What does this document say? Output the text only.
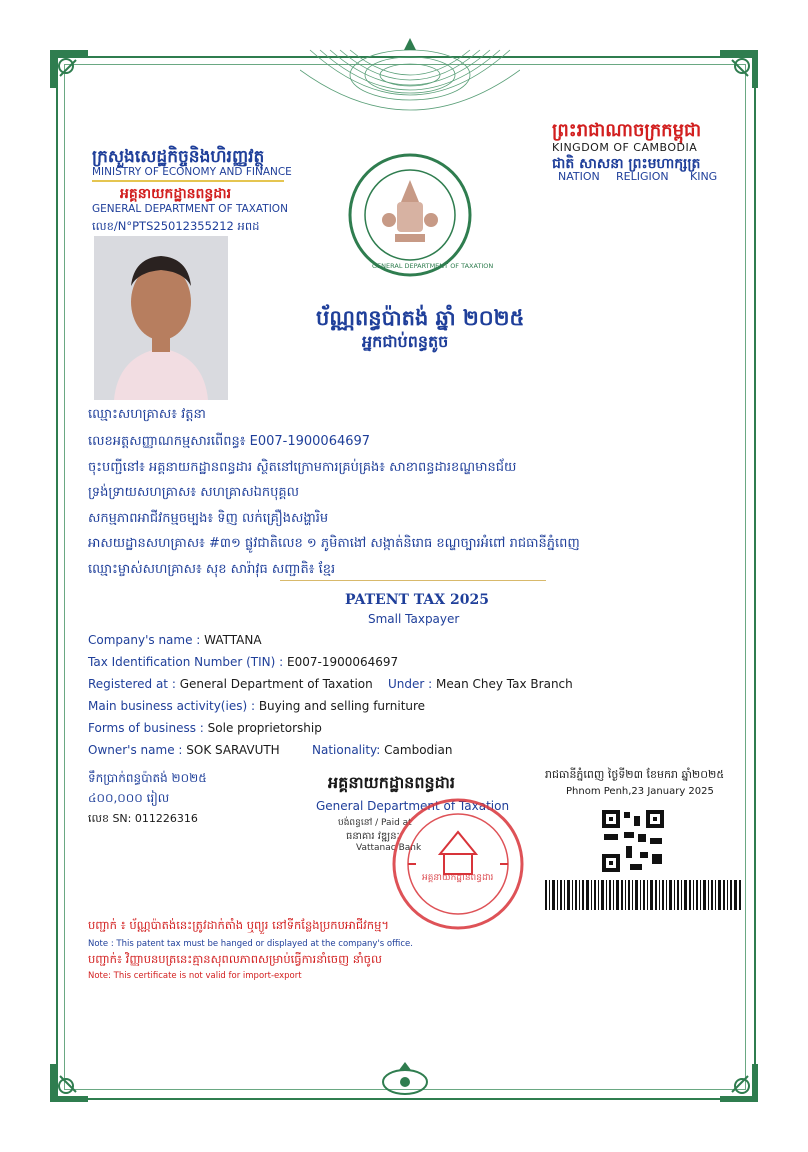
ក្រសួងសេដ្ឋកិច្ចនិងហិរញ្ញវត្ថុ
MINISTRY OF ECONOMY AND FINANCE
អគ្គនាយកដ្ឋានពន្ធដារ
GENERAL DEPARTMENT OF TAXATION
លេខ/N°PTS25012355212 អពដ
ព្រះរាជាណាចក្រកម្ពុជា
KINGDOM OF CAMBODIA
ជាតិ សាសនា ព្រះមហាក្សត្រ
NATION RELIGION KING
GENERAL DEPARTMENT OF TAXATION
ប័ណ្ណពន្ធប៉ាតង់ ឆ្នាំ ២០២៥
អ្នកជាប់ពន្ធតូច
ឈ្មោះសហគ្រាស៖ វត្តនា
លេខអត្តសញ្ញាណកម្មសារពើពន្ធ៖ E007-1900064697
ចុះបញ្ជីនៅ៖ អគ្គនាយកដ្ឋានពន្ធដារ ស្ថិតនៅក្រោមការគ្រប់គ្រង៖ សាខាពន្ធដារខណ្ឌមានជ័យ
ទ្រង់ទ្រាយសហគ្រាស៖ សហគ្រាសឯកបុគ្គល
សកម្មភាពអាជីវកម្មចម្បង៖ ទិញ លក់គ្រឿងសង្ហារិម
អាសយដ្ឋានសហគ្រាស៖ #៣១ ផ្លូវជាតិលេខ ១ ភូមិតាងៅ សង្កាត់និរោធ ខណ្ឌច្បារអំពៅ រាជធានីភ្នំពេញ
ឈ្មោះម្ចាស់សហគ្រាស៖ សុខ សារ៉ាវុធ សញ្ជាតិ៖ ខ្មែរ
PATENT TAX 2025
Small Taxpayer
Company's name : WATTANA
Tax Identification Number (TIN) : E007-1900064697
Registered at : General Department of Taxation Under : Mean Chey Tax Branch
Main business activity(ies) : Buying and selling furniture
Forms of business : Sole proprietorship
Owner's name : SOK SARAVUTH	Nationality: Cambodian
ទឹកប្រាក់ពន្ធប៉ាតង់ ២០២៥
៤០០,០០០ រៀល
លេខ SN: 011226316
អគ្គនាយកដ្ឋានពន្ធដារ
General Department of Taxation
បង់ពន្ធនៅ / Paid at
ធនាគារ វឌ្ឍនៈ
Vattanac Bank
អគ្គនាយកដ្ឋានពន្ធដារ
រាជធានីភ្នំពេញ ថ្ងៃទី២៣ ខែមករា ឆ្នាំ២០២៥
Phnom Penh,23 January 2025
បញ្ជាក់ ៖ ប័ណ្ណប៉ាតង់នេះត្រូវដាក់តាំង ឬព្យួរ នៅទីកន្លែងប្រកបអាជីវកម្ម។
Note : This patent tax must be hanged or displayed at the company's office.
បញ្ជាក់៖ វិញ្ញាបនបត្រនេះគ្មានសុពលភាពសម្រាប់ធ្វើការនាំចេញ នាំចូល
Note: This certificate is not valid for import-export
